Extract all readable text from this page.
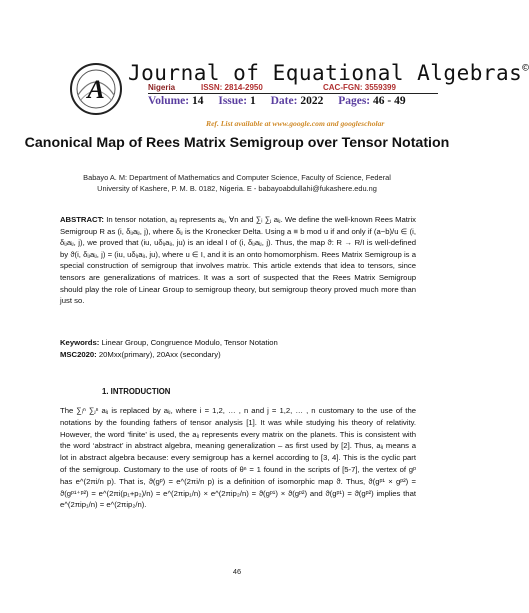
A
Journal of Equational Algebras©
Nigeria	ISSN: 2814-2950	CAC-FGN: 3559399
Volume: 14 Issue: 1 Date: 2022 Pages: 46 - 49
Ref. List available at www.google.com and googlescholar
Canonical Map of Rees Matrix Semigroup over Tensor Notation
Babayo A. M: Department of Mathematics and Computer Science, Faculty of Science, Federal
University of Kashere, P. M. B. 0182, Nigeria. E - babayoabdullahi@fukashere.edu.ng
ABSTRACT: In tensor notation, aᵢⱼ represents aᵢⱼ, ∀n and ∑ᵢ ∑ⱼ aᵢⱼ. We define the well-known Rees Matrix Semigroup R as (i, δᵢⱼaᵢⱼ, j), where δᵢⱼ is the Kronecker Delta. Using a ≡ b mod u if and only if (a−b)/u ∈ (i, δᵢⱼaᵢⱼ, j), we proved that (iu, uδᵢⱼaᵢⱼ, ju) is an ideal I of (i, δᵢⱼaᵢⱼ, j). Thus, the map ϑ: R → R/I is well-defined by ϑ(i, δᵢⱼaᵢⱼ, j) = (iu, uδᵢⱼaᵢⱼ, ju), where u ∈ I, and it is an onto homomorphism. Rees Matrix Semigroup is a special construction of semigroup that involves matrix. This article extends that idea to tensors, since tensors are generalizations of matrices. It was a sort of suspected that the Rees Matrix Semigroup should play the role of Linear Group to semigroup theory, but semigroup theory proved much more than just so.
Keywords: Linear Group, Congruence Modulo, Tensor Notation
MSC2020: 20Mxx(primary), 20Axx (secondary)
1. INTRODUCTION
The ∑ᵢⁿ ∑ⱼⁿ aᵢⱼ is replaced by aᵢⱼ, where i = 1,2, … , n and j = 1,2, … , n customary to the use of the notations by the founding fathers of tensor analysis [1]. It was while studying his theory of relativity. However, the word ‘finite’ is used, the aᵢⱼ represents every matrix on the planets. This is consistent with the word ‘abstract’ in abstract algebra, meaning generalization – as first used by [2]. Thus, aᵢⱼ means a lot in abstract algebra because: every semigroup has a kernel according to [3, 4]. This is the cyclic part of the semigroup. Customary to the use of roots of θⁿ = 1 found in the scripts of [5-7], the vertex of gᵖ has e^(2πi/n p). That is, ϑ(gᵖ) = e^(2πi/n p) is a definition of isomorphic map ϑ. Thus, ϑ(gᵖ¹ × gᵖ²) = ϑ(gᵖ¹⁺ᵖ²) = e^(2πi(p₁+p₂)/n) = e^(2πip₁/n) × e^(2πip₂/n) = ϑ(gᵖ¹) × ϑ(gᵖ²) and ϑ(gᵖ¹) = ϑ(gᵖ²) implies that e^(2πip₁/n) = e^(2πip₂/n).
46
